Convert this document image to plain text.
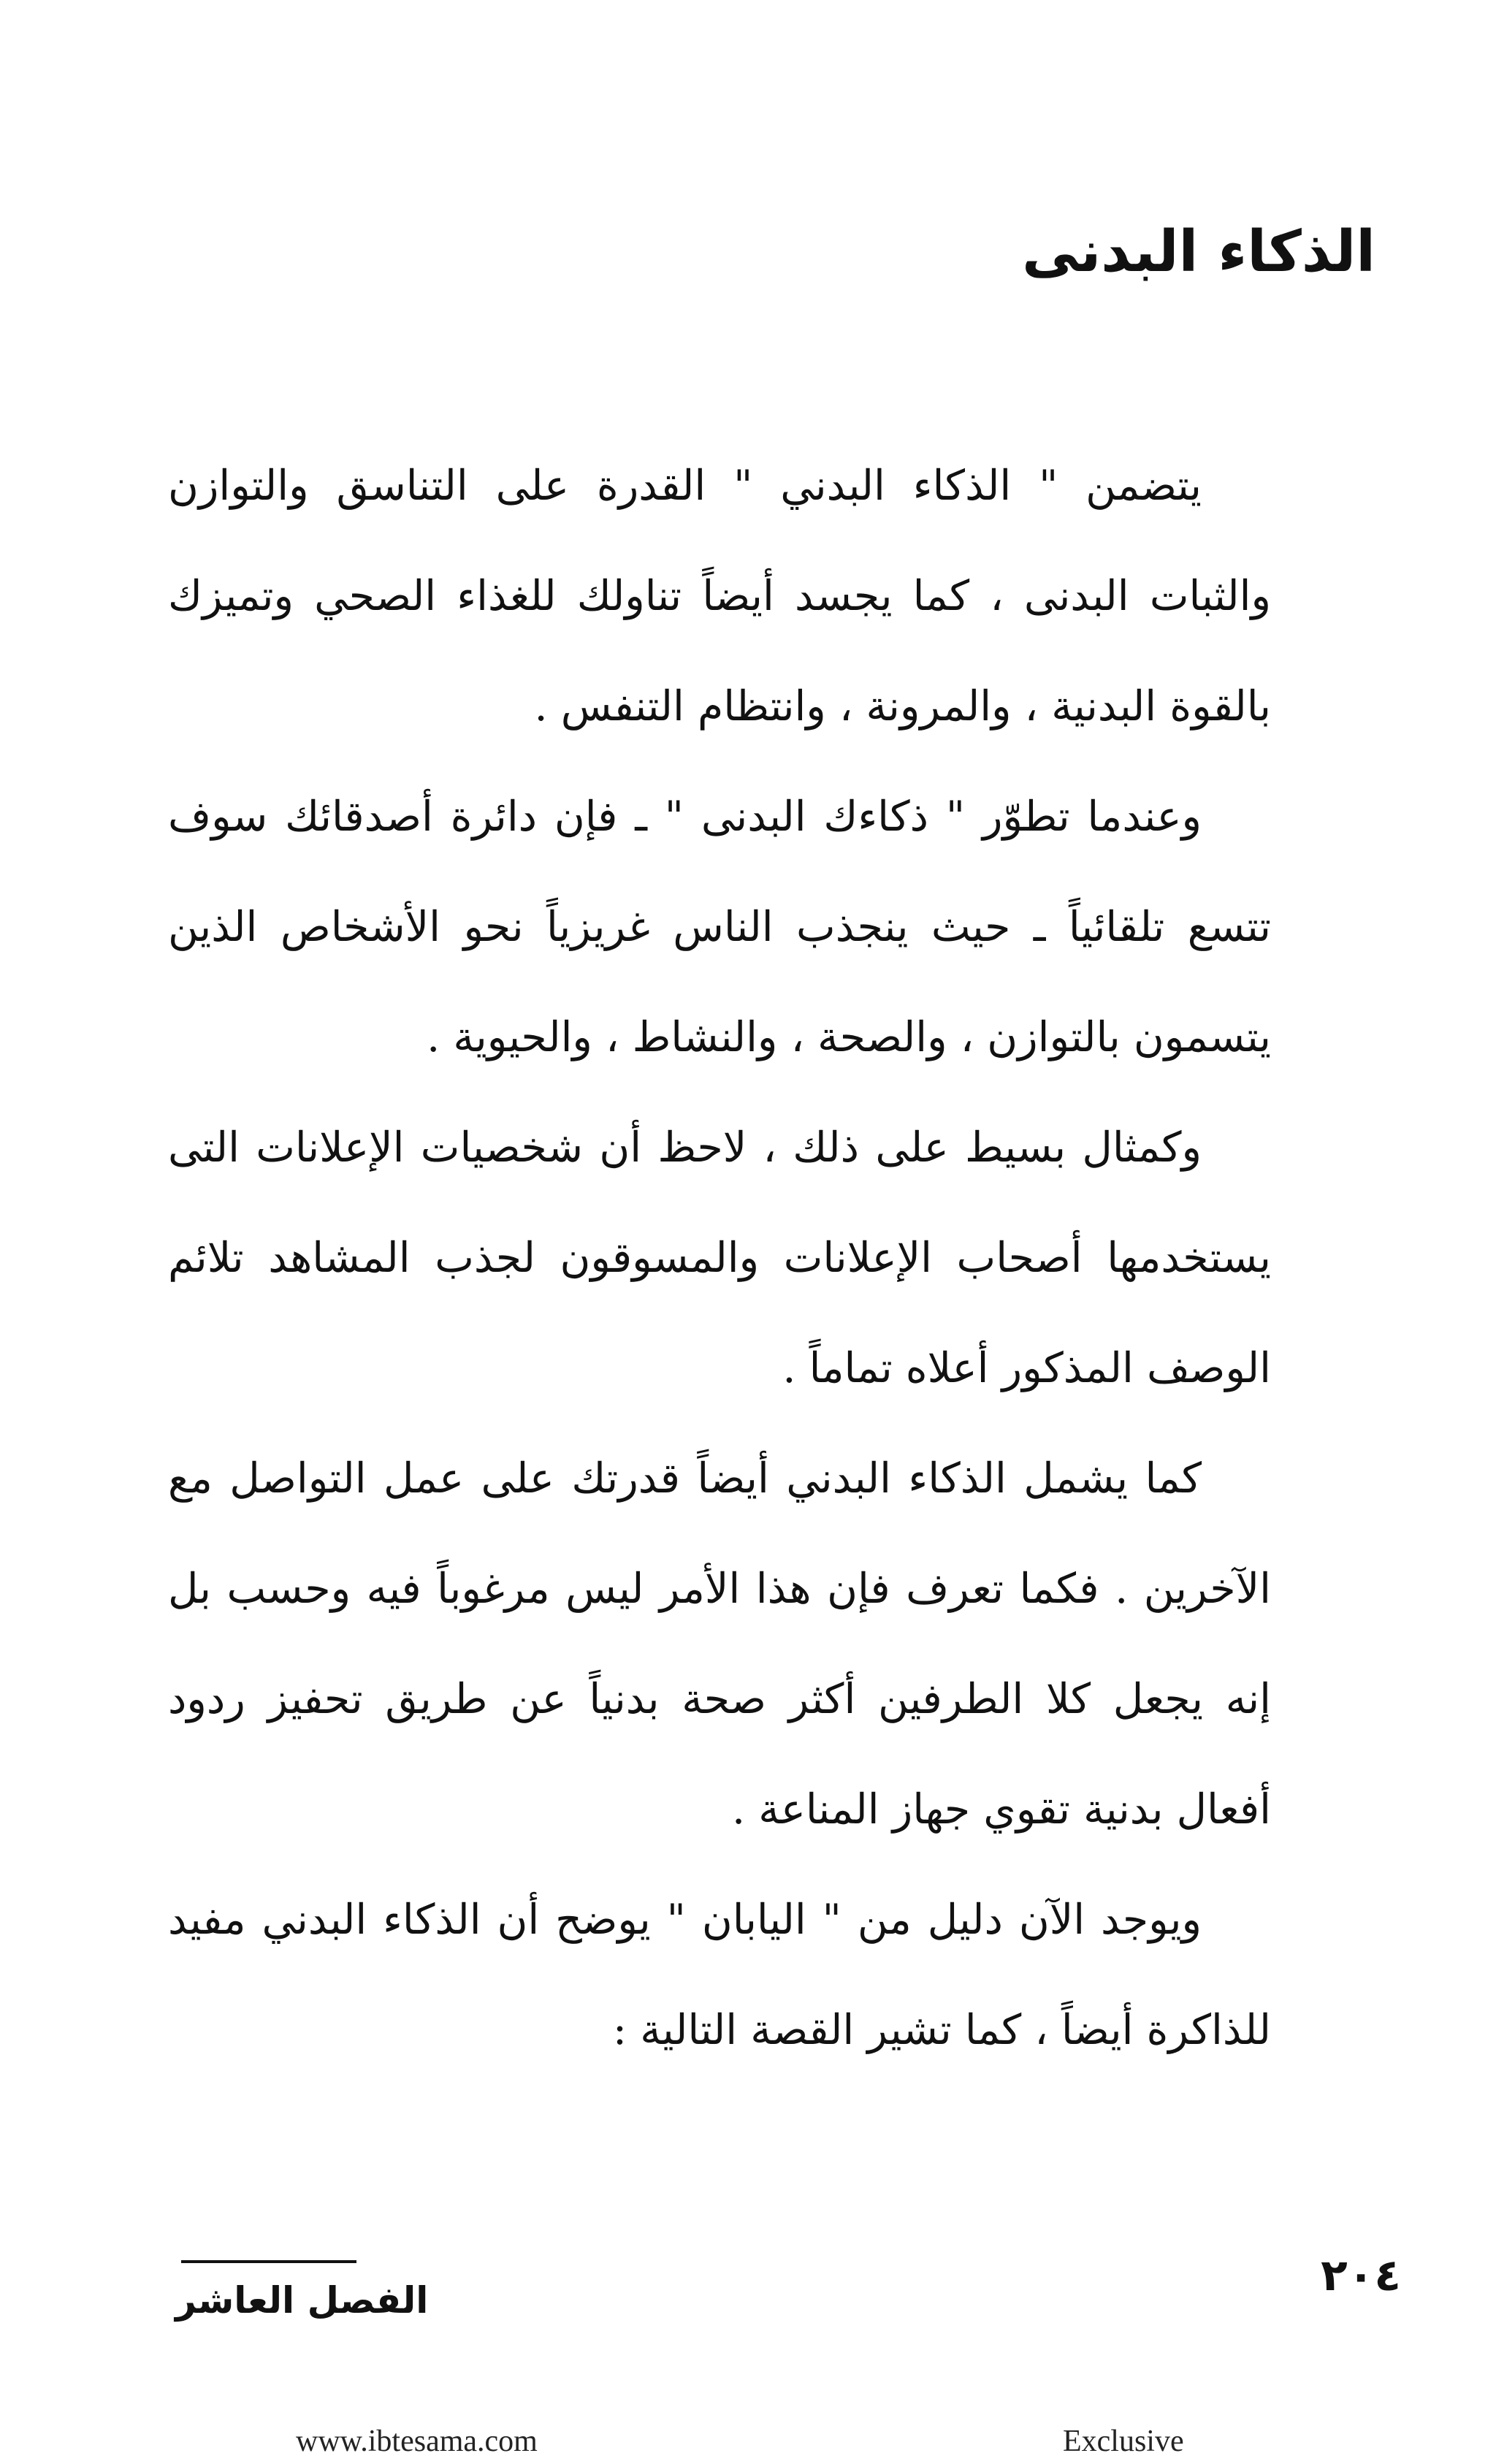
الذكاء البدنى

يتضمن " الذكاء البدني " القدرة على التناسق والتوازن والثبات البدنى ، كما يجسد أيضاً تناولك للغذاء الصحي وتميزك بالقوة البدنية ، والمرونة ، وانتظام التنفس .

وعندما تطوّر " ذكاءك البدنى " ـ فإن دائرة أصدقائك سوف تتسع تلقائياً ـ حيث ينجذب الناس غريزياً نحو الأشخاص الذين يتسمون بالتوازن ، والصحة ، والنشاط ، والحيوية .

وكمثال بسيط على ذلك ، لاحظ أن شخصيات الإعلانات التى يستخدمها أصحاب الإعلانات والمسوقون لجذب المشاهد تلائم الوصف المذكور أعلاه تماماً .

كما يشمل الذكاء البدني أيضاً قدرتك على عمل التواصل مع الآخرين . فكما تعرف فإن هذا الأمر ليس مرغوباً فيه وحسب بل إنه يجعل كلا الطرفين أكثر صحة بدنياً عن طريق تحفيز ردود أفعال بدنية تقوي جهاز المناعة .

ويوجد الآن دليل من " اليابان " يوضح أن الذكاء البدني مفيد للذاكرة أيضاً ، كما تشير القصة التالية :

الفصل العاشر	٢٠٤
www.ibtesama.com	Exclusive
